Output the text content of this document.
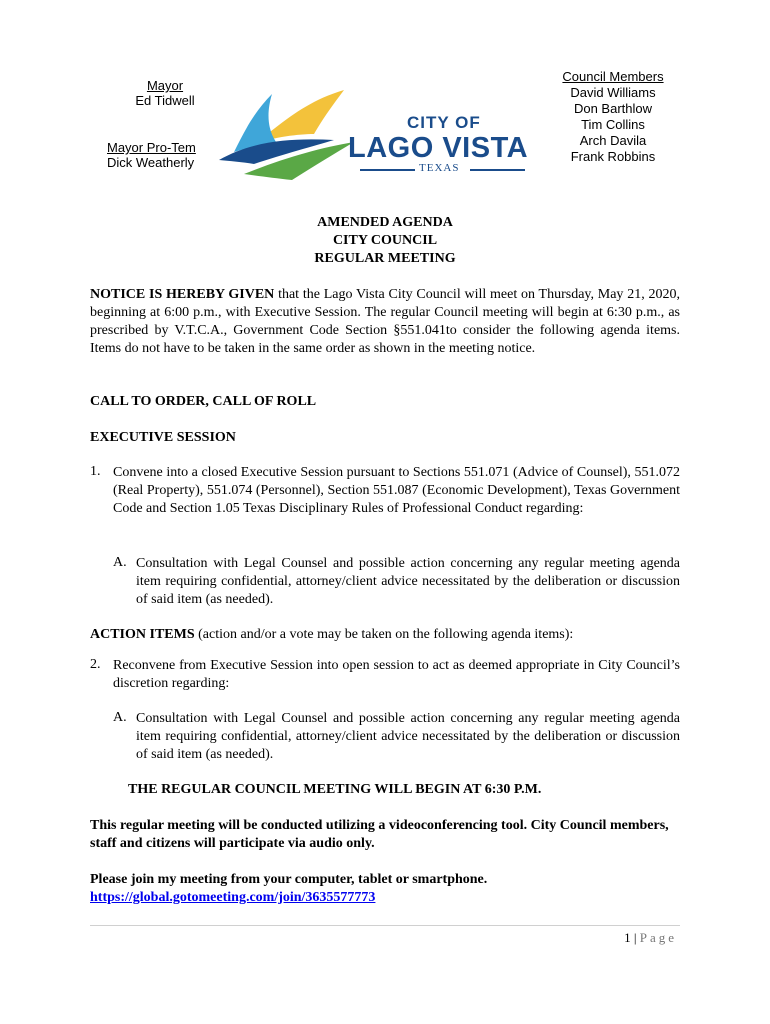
Mayor
Ed Tidwell
Mayor Pro-Tem
Dick Weatherly
CITY OF
LAGO VISTA
TEXAS
Council Members
David Williams
Don Barthlow
Tim Collins
Arch Davila
Frank Robbins
AMENDED AGENDA
CITY COUNCIL
REGULAR MEETING
NOTICE IS HEREBY GIVEN that the Lago Vista City Council will meet on Thursday, May 21, 2020, beginning at 6:00 p.m., with Executive Session. The regular Council meeting will begin at 6:30 p.m., as prescribed by V.T.C.A., Government Code Section §551.041to consider the following agenda items. Items do not have to be taken in the same order as shown in the meeting notice.
CALL TO ORDER, CALL OF ROLL
EXECUTIVE SESSION
1. Convene into a closed Executive Session pursuant to Sections 551.071 (Advice of Counsel), 551.072 (Real Property), 551.074 (Personnel), Section 551.087 (Economic Development), Texas Government Code and Section 1.05 Texas Disciplinary Rules of Professional Conduct regarding:
A. Consultation with Legal Counsel and possible action concerning any regular meeting agenda item requiring confidential, attorney/client advice necessitated by the deliberation or discussion of said item (as needed).
ACTION ITEMS (action and/or a vote may be taken on the following agenda items):
2. Reconvene from Executive Session into open session to act as deemed appropriate in City Council’s discretion regarding:
A. Consultation with Legal Counsel and possible action concerning any regular meeting agenda item requiring confidential, attorney/client advice necessitated by the deliberation or discussion of said item (as needed).
THE REGULAR COUNCIL MEETING WILL BEGIN AT 6:30 P.M.
This regular meeting will be conducted utilizing a videoconferencing tool. City Council members, staff and citizens will participate via audio only.
Please join my meeting from your computer, tablet or smartphone.
https://global.gotomeeting.com/join/3635577773
1 | Page
